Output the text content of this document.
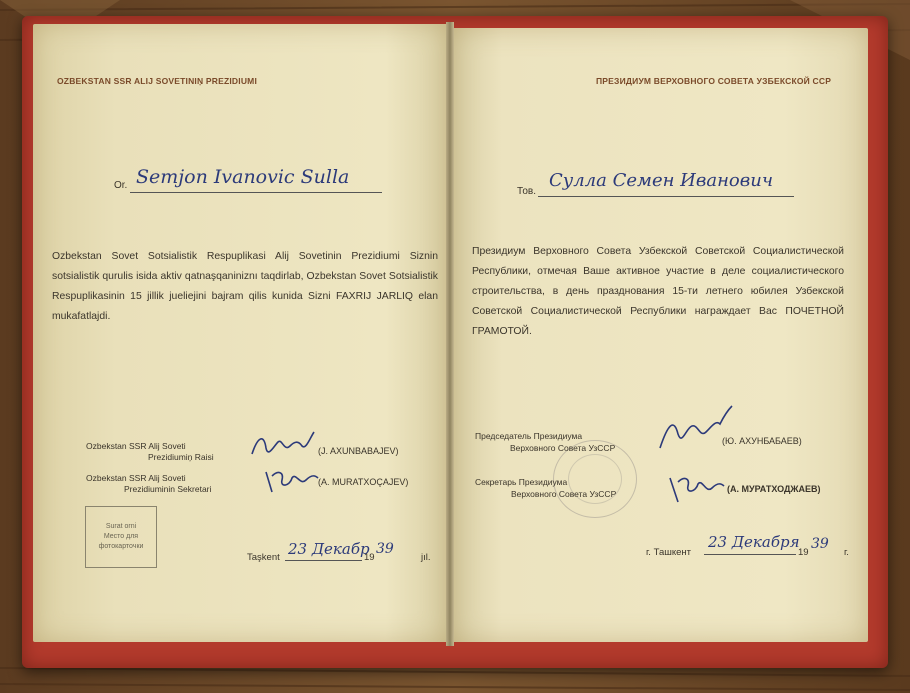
OZBEKSTAN SSR ALIJ SOVETINIŅ PREZIDIUMI
Or. Semjon Ivanovic Sulla
Ozbekstan Sovet Sotsialistik Respuplikasi Alij Sovetinin Prezidiumi Siznin sotsialistik qurulis isida aktiv qatnaşqaniniznı taqdirlab, Ozbekstan Sovet Sotsialistik Respuplikasinin 15 jillik jueliejini bajram qilis kunida Sizni FAXRIJ JARLIQ elan mukafatlajdi.
Ozbekstan SSR Alij Soveti
Prezidiumiņ Raisi
(J. AXUNBABAJEV)
Ozbekstan SSR Alij Soveti
Prezidiuminin Sekretari
(A. MURATXOÇAJEV)
Surat orni
Место для
фотокарточки
Taşkent 23 Декабр
19
39
jıl.
ПРЕЗИДИУМ ВЕРХОВНОГО СОВЕТА УЗБЕКСКОЙ ССР
Тов.
Сулла Семен Иванович
Президиум Верховного Совета Узбекской Советской Социалистической Республики, отмечая Ваше активное участие в деле социалистического строительства, в день празднования 15-ти летнего юбилея Узбекской Советской Социалистической Республики награждает Вас ПОЧЕТНОЙ ГРАМОТОЙ.
Председатель Президиума
Верховного Совета УзССР
(Ю. АХУНБАБАЕВ)
Секретарь Президиума
Верховного Совета УзССР	(А. МУРАТХОДЖАЕВ)
г. Ташкент
23 Декабря
19
39
г.
